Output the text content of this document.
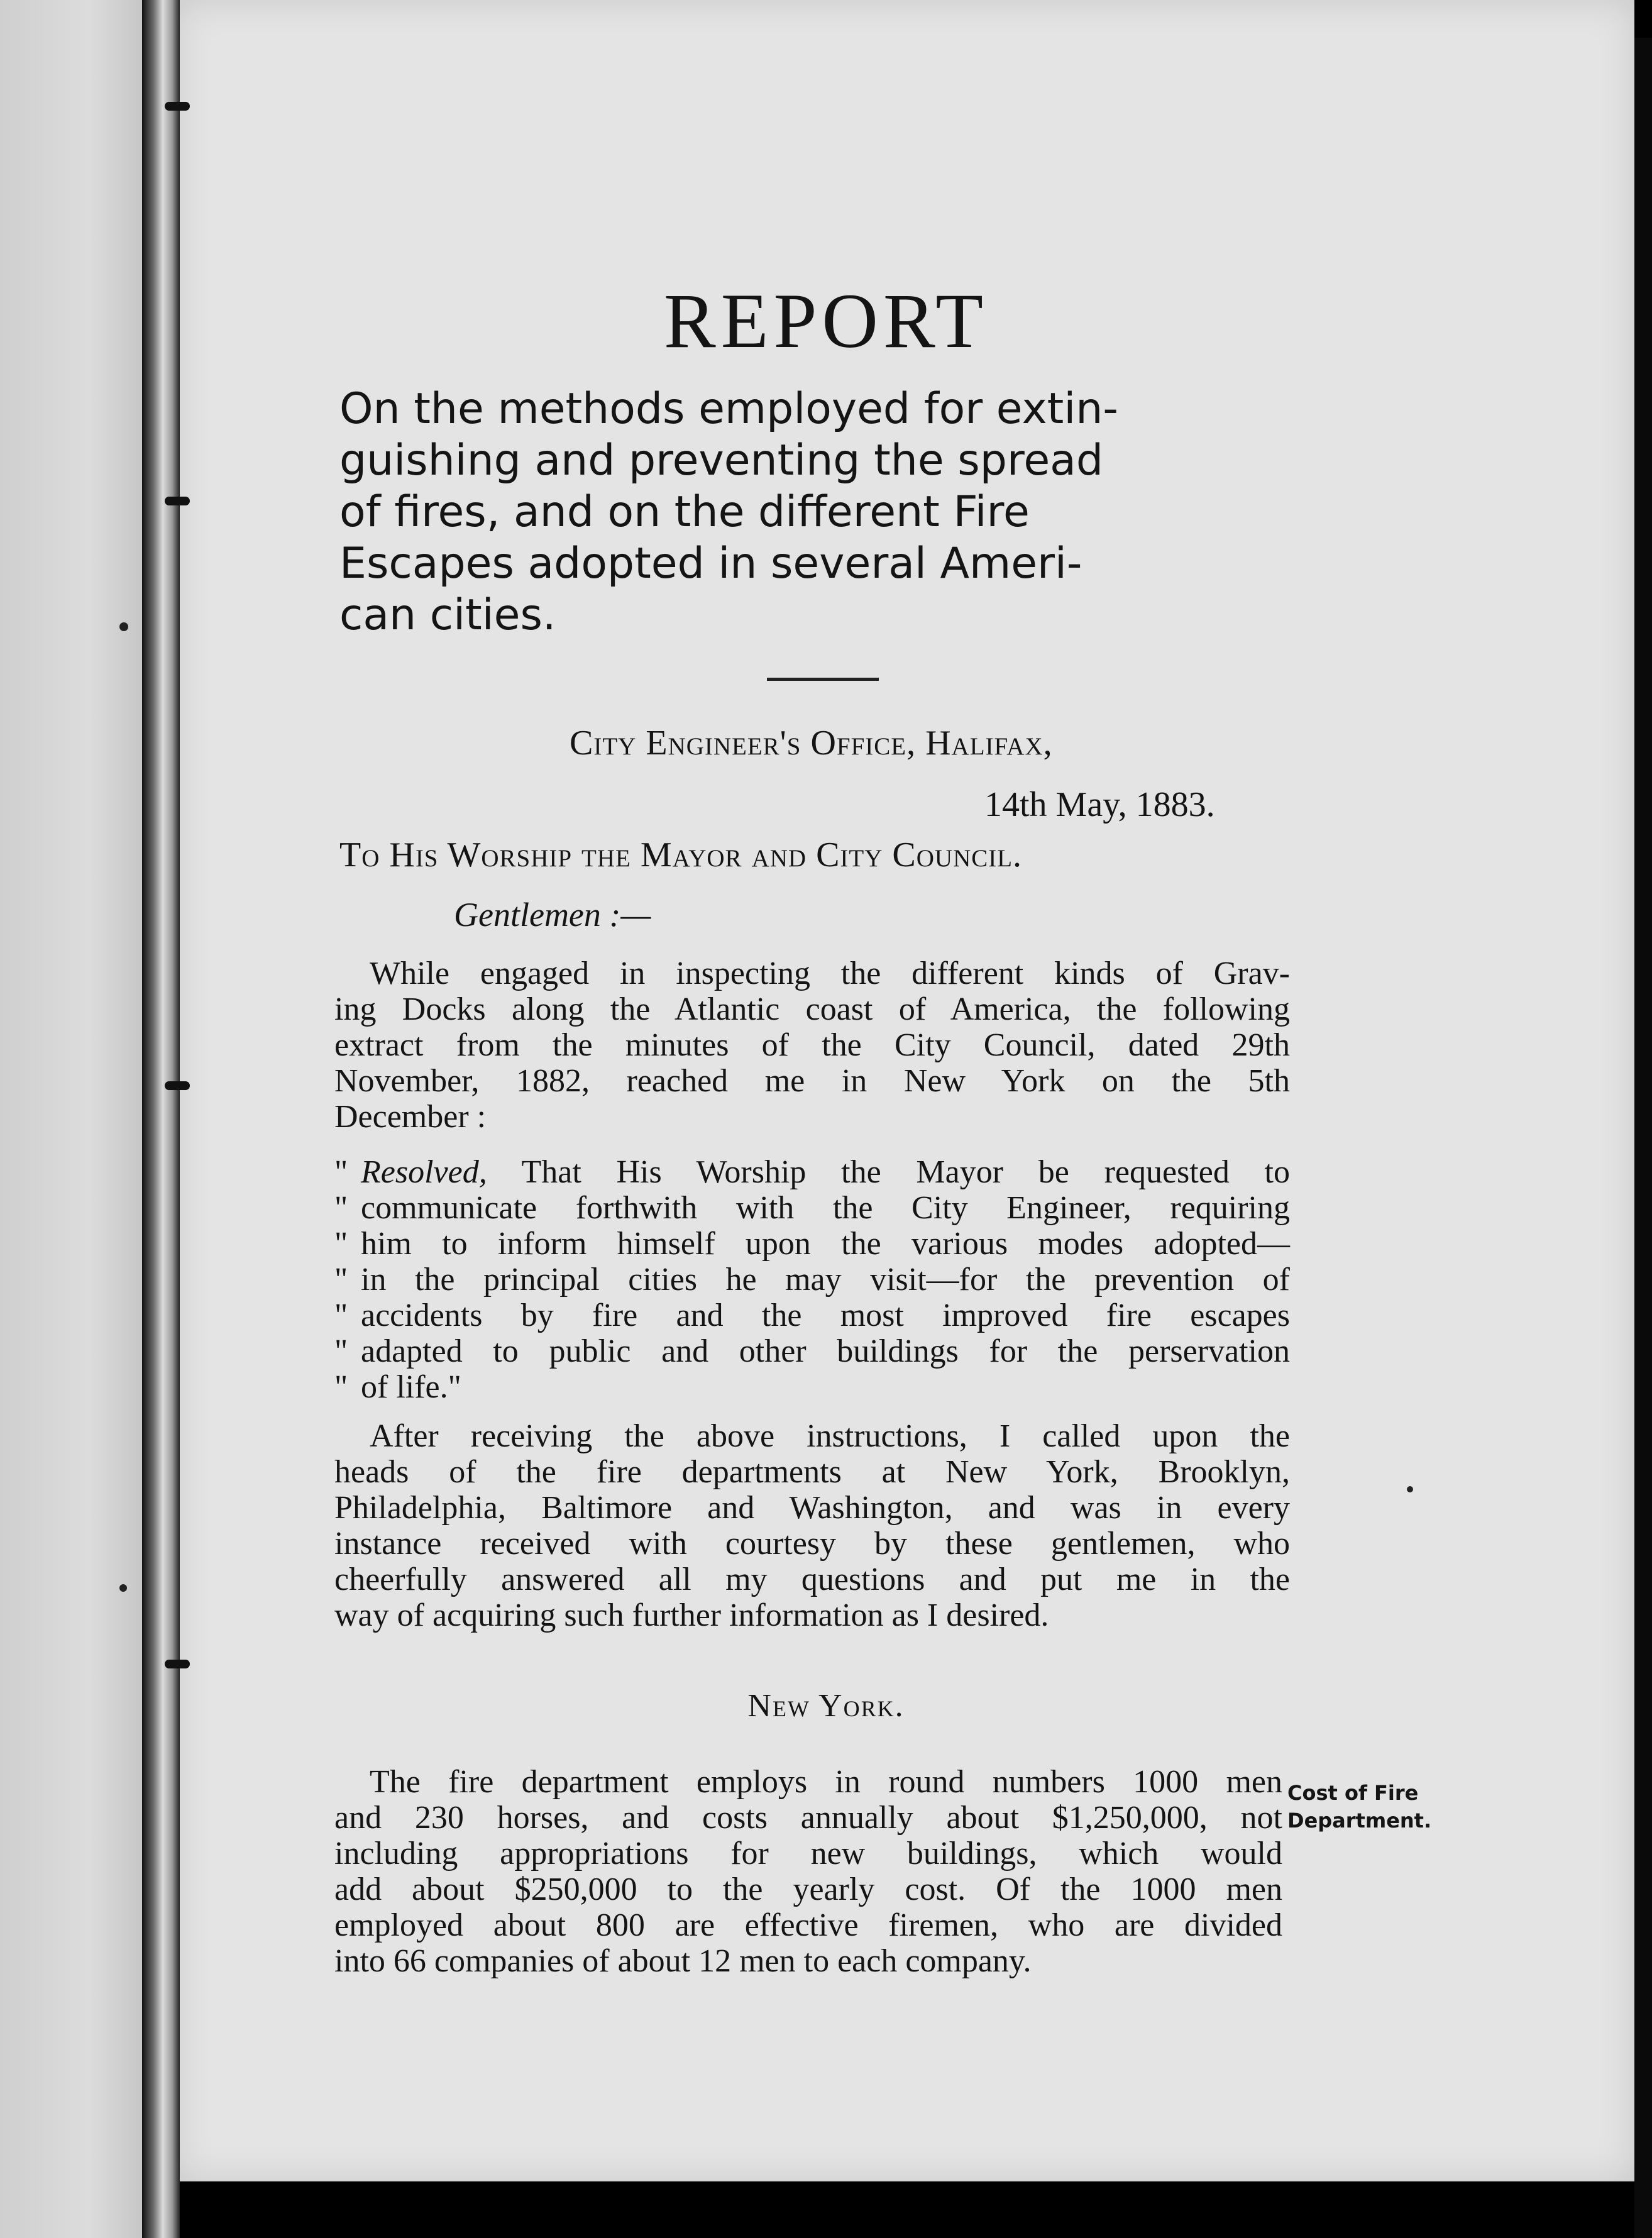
REPORT
On the methods employed for extin-
guishing and preventing the spread
of fires, and on the different Fire
Escapes adopted in several Ameri-
can cities.
City Engineer's Office, Halifax,
14th May, 1883.
To His Worship the Mayor and City Council.
Gentlemen :—
While engaged in inspecting the different kinds of Grav-
ing Docks along the Atlantic coast of America, the following
extract from the minutes of the City Council, dated 29th
November, 1882, reached me in New York on the 5th
December :
" Resolved, That His Worship the Mayor be requested to
" communicate forthwith with the City Engineer, requiring
" him to inform himself upon the various modes adopted—
" in the principal cities he may visit—for the prevention of
" accidents by fire and the most improved fire escapes
" adapted to public and other buildings for the perservation
" of life."
After receiving the above instructions, I called upon the
heads of the fire departments at New York, Brooklyn,
Philadelphia, Baltimore and Washington, and was in every
instance received with courtesy by these gentlemen, who
cheerfully answered all my questions and put me in the
way of acquiring such further information as I desired.
New York.
The fire department employs in round numbers 1000 men
and 230 horses, and costs annually about $1,250,000, not
including appropriations for new buildings, which would
add about $250,000 to the yearly cost. Of the 1000 men
employed about 800 are effective firemen, who are divided
into 66 companies of about 12 men to each company.
Cost of Fire
Department.
